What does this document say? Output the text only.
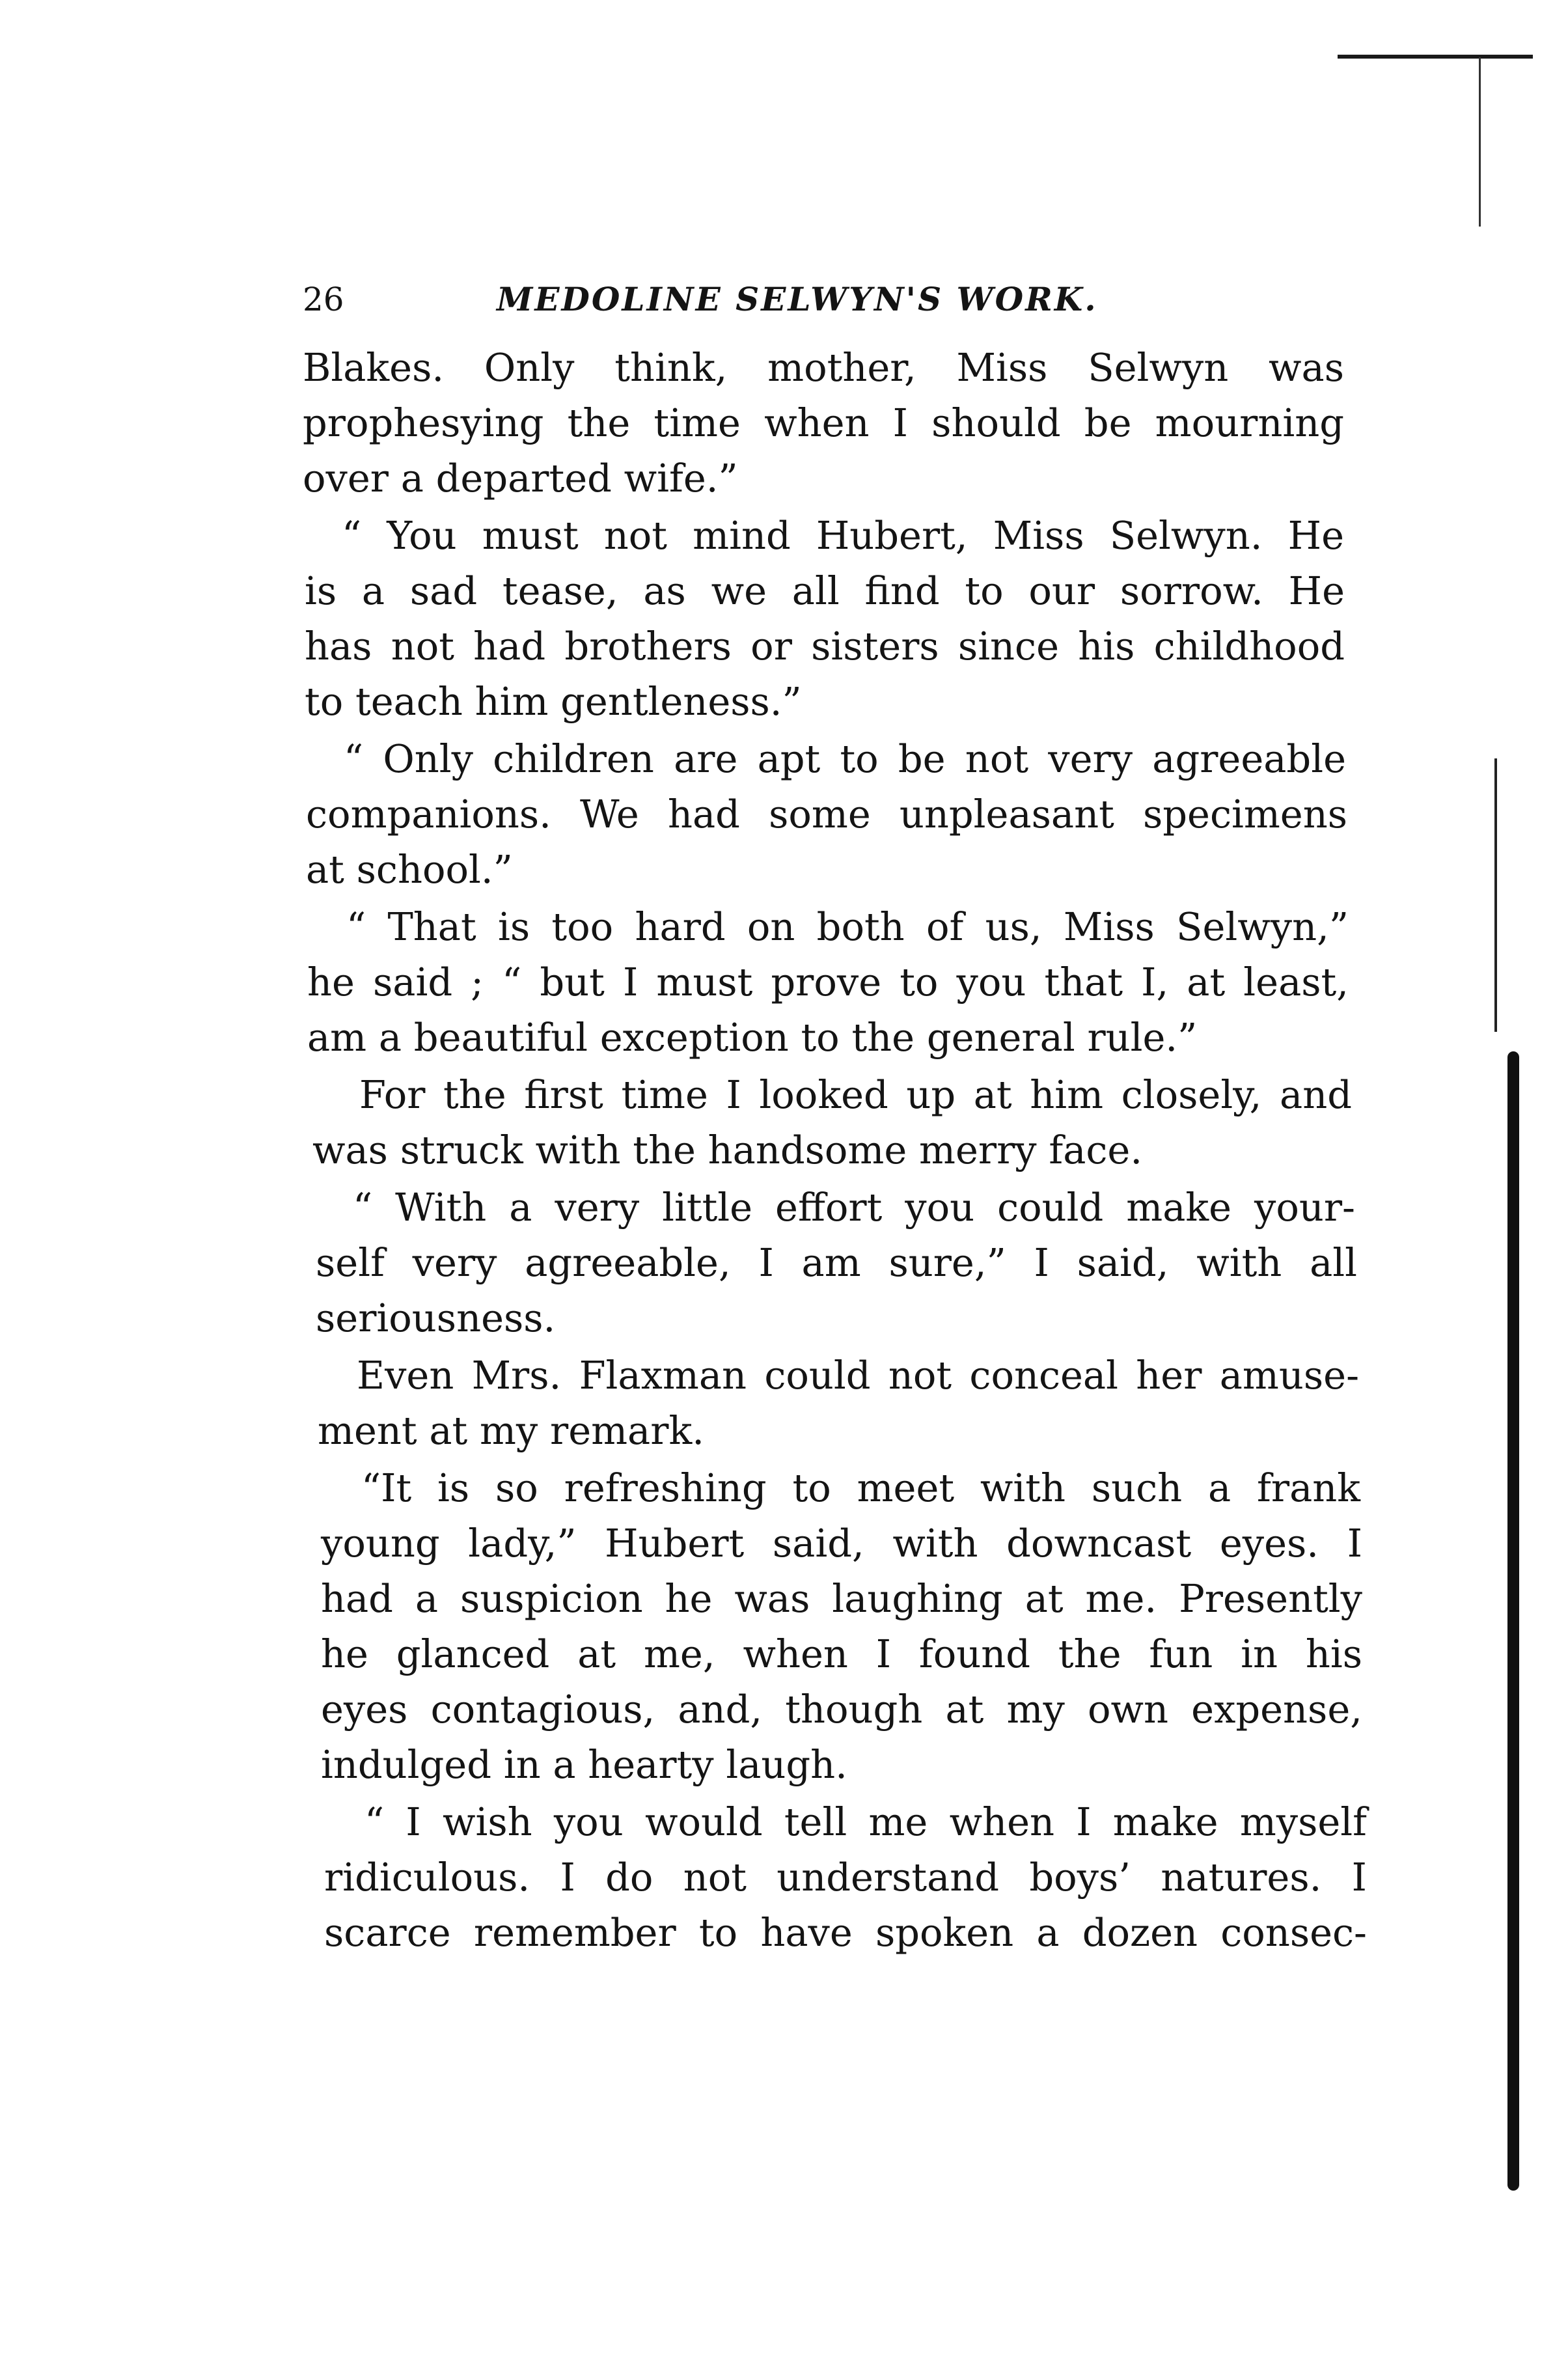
26	MEDOLINE SELWYN'S WORK.
Blakes. Only think, mother, Miss Selwyn was
prophesying the time when I should be mourning
over a departed wife.”
“ You must not mind Hubert, Miss Selwyn. He
is a sad tease, as we all find to our sorrow. He
has not had brothers or sisters since his childhood
to teach him gentleness.”
“ Only children are apt to be not very agreeable
companions. We had some unpleasant specimens
at school.”
“ That is too hard on both of us, Miss Selwyn,”
he said ; “ but I must prove to you that I, at least,
am a beautiful exception to the general rule.”
For the first time I looked up at him closely, and
was struck with the handsome merry face.
“ With a very little effort you could make your-
self very agreeable, I am sure,” I said, with all
seriousness.
Even Mrs. Flaxman could not conceal her amuse-
ment at my remark.
“It is so refreshing to meet with such a frank
young lady,” Hubert said, with downcast eyes. I
had a suspicion he was laughing at me. Presently
he glanced at me, when I found the fun in his
eyes contagious, and, though at my own expense,
indulged in a hearty laugh.
“ I wish you would tell me when I make myself
ridiculous. I do not understand boys’ natures. I
scarce remember to have spoken a dozen consec-
